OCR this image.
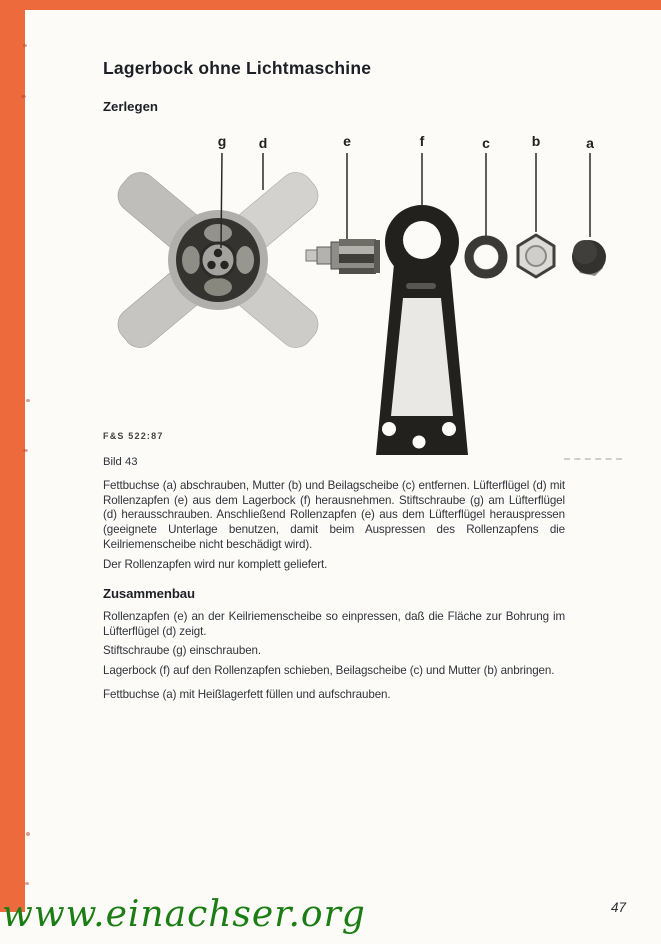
Lagerbock ohne Lichtmaschine
Zerlegen
g d	e	f	c	b	a
F&S 522:87
Bild 43

Fettbuchse (a) abschrauben, Mutter (b) und Beilagscheibe (c) entfernen. Lüfterflügel (d) mit Rollenzapfen (e) aus dem Lagerbock (f) herausnehmen. Stiftschraube (g) am Lüfterflügel (d) herausschrauben. Anschließend Rollenzapfen (e) aus dem Lüfterflügel herauspressen (geeignete Unterlage benutzen, damit beim Auspressen des Rollenzapfens die Keilriemenscheibe nicht beschädigt wird).

Der Rollenzapfen wird nur komplett geliefert.

Zusammenbau

Rollenzapfen (e) an der Keilriemenscheibe so einpressen, daß die Fläche zur Bohrung im Lüfterflügel (d) zeigt.

Stiftschraube (g) einschrauben.

Lagerbock (f) auf den Rollenzapfen schieben, Beilagscheibe (c) und Mutter (b) anbringen.

Fettbuchse (a) mit Heißlagerfett füllen und aufschrauben.

47
www.einachser.org
